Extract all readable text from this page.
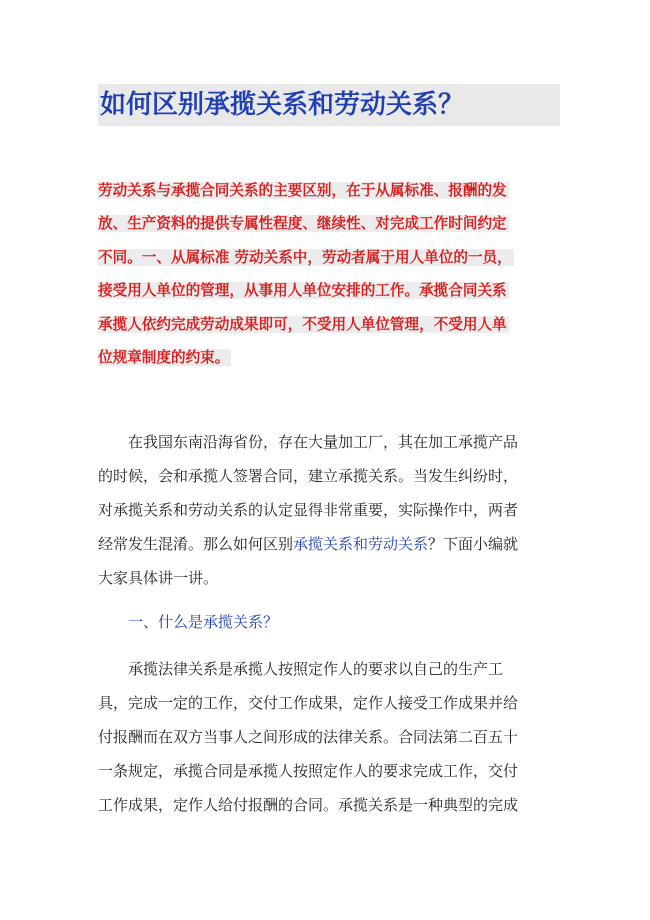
如何区别承揽关系和劳动关系？
劳动关系与承揽合同关系的主要区别，在于从属标准、报酬的发
放、生产资料的提供专属性程度、继续性、对完成工作时间约定
不同。一、从属标准 劳动关系中，劳动者属于用人单位的一员，
接受用人单位的管理，从事用人单位安排的工作。承揽合同关系
承揽人依约完成劳动成果即可，不受用人单位管理，不受用人单
位规章制度的约束。
在我国东南沿海省份，存在大量加工厂，其在加工承揽产品
的时候，会和承揽人签署合同，建立承揽关系。当发生纠纷时，
对承揽关系和劳动关系的认定显得非常重要，实际操作中，两者
经常发生混淆。那么如何区别承揽关系和劳动关系？下面小编就
大家具体讲一讲。
一、什么是承揽关系？
承揽法律关系是承揽人按照定作人的要求以自己的生产工
具，完成一定的工作，交付工作成果，定作人接受工作成果并给
付报酬而在双方当事人之间形成的法律关系。合同法第二百五十
一条规定，承揽合同是承揽人按照定作人的要求完成工作，交付
工作成果，定作人给付报酬的合同。承揽关系是一种典型的完成
